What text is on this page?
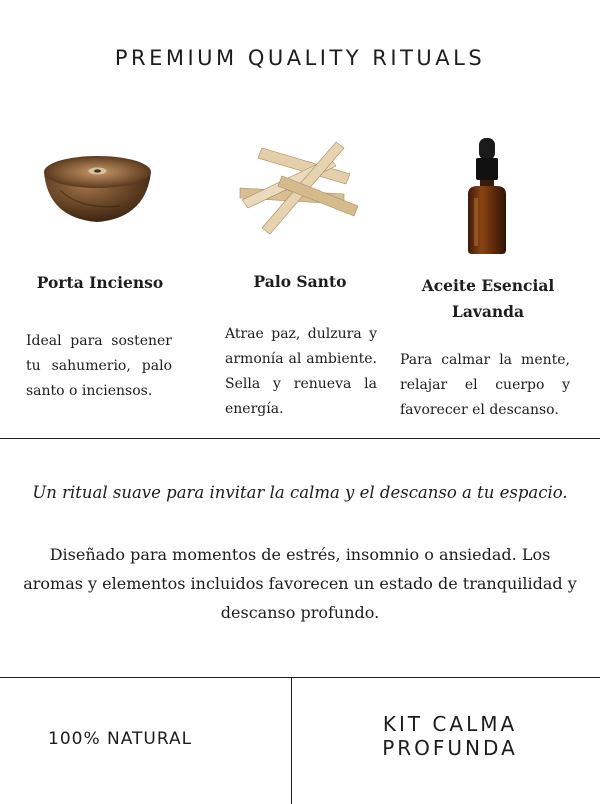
PREMIUM QUALITY RITUALS
Porta Incienso	Palo Santo	Aceite Esencial
Lavanda
Ideal para sostener tu sahumerio, palo santo o inciensos.
Atrae paz, dulzura y armonía al ambiente. Sella y renueva la energía.
Para calmar la mente, relajar el cuerpo y favorecer el descanso.
Un ritual suave para invitar la calma y el descanso a tu espacio.
Diseñado para momentos de estrés, insomnio o ansiedad. Los aromas y elementos incluidos favorecen un estado de tranquilidad y descanso profundo.
100% NATURAL
KIT CALMA
PROFUNDA
